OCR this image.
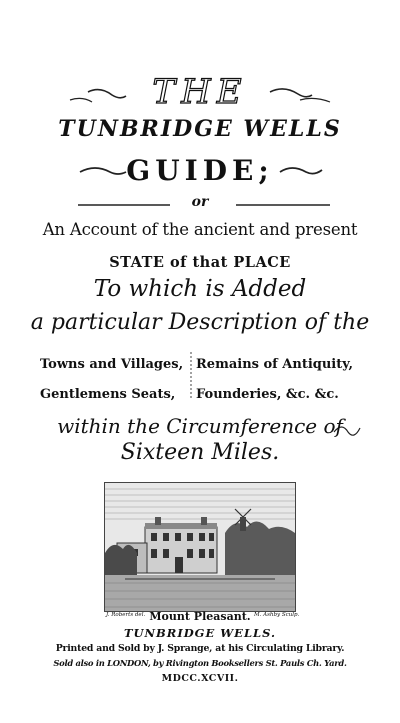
THE
TUNBRIDGE WELLS
GUIDE;
or
An Account of the ancient and present
STATE of that PLACE
To which is Added
a particular Description of the
Towns and Villages,
Gentlemens Seats,
Remains of Antiquity,
Founderies, &c. &c.
within the Circumference of
Sixteen Miles.
J. Roberts del.	M. Ashby Sculp.
Mount Pleasant.
TUNBRIDGE WELLS.
Printed and Sold by J. Sprange, at his Circulating Library.
Sold also in LONDON, by Rivington Booksellers St. Pauls Ch. Yard.
MDCC.XCVII.
